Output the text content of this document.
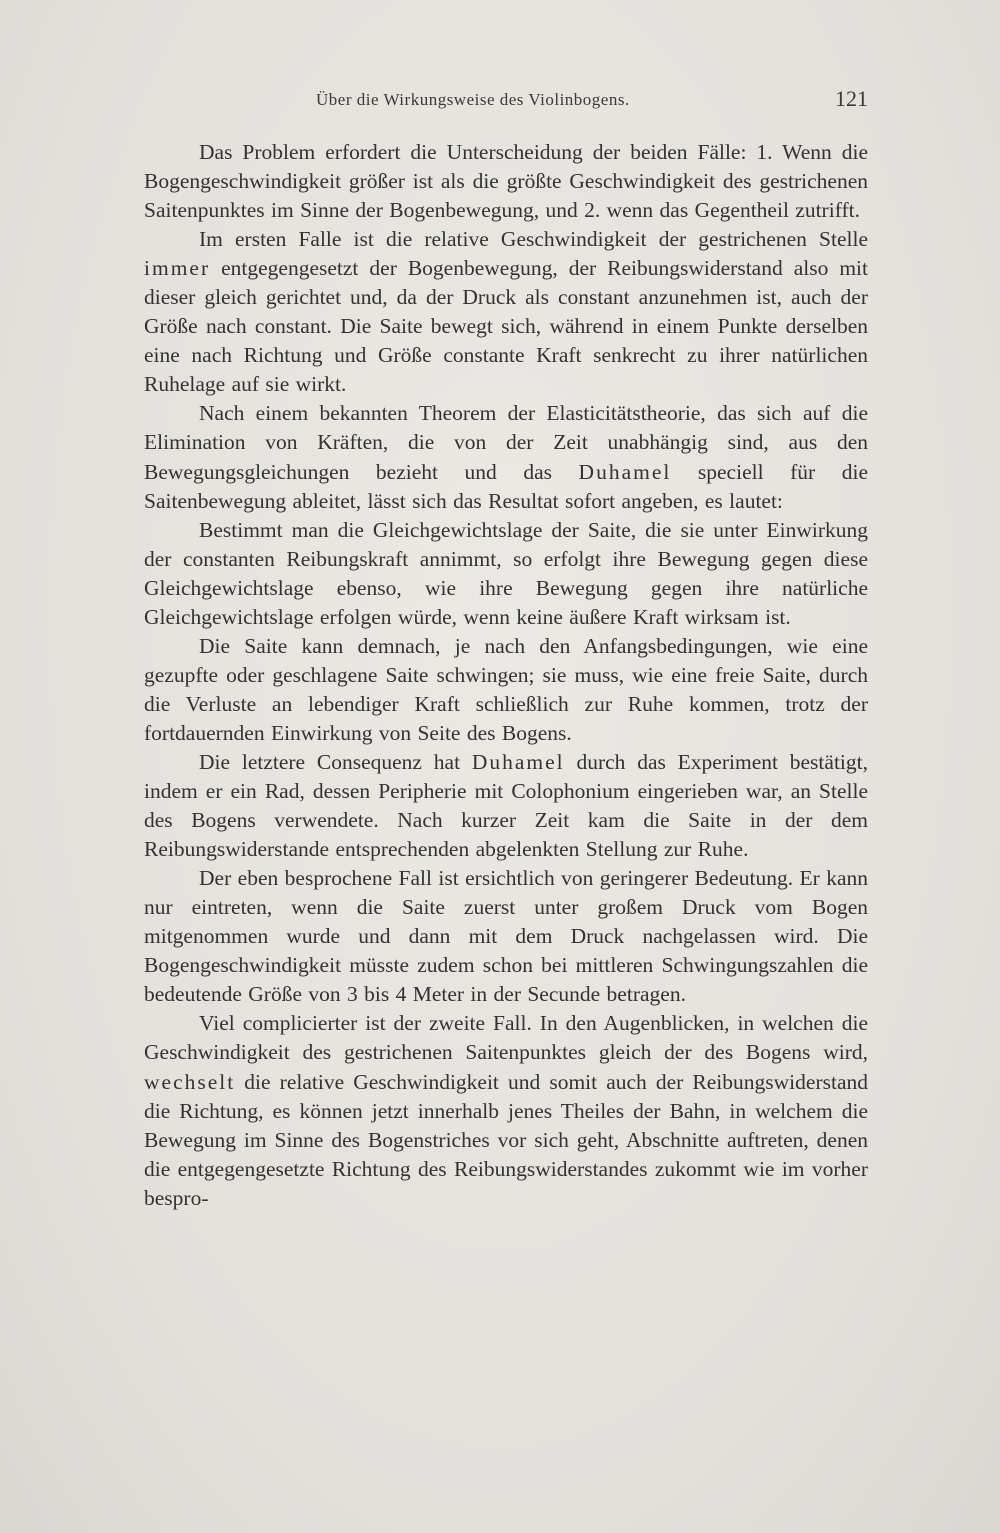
Über die Wirkungsweise des Violinbogens.	121

Das Problem erfordert die Unterscheidung der beiden Fälle: 1. Wenn die Bogengeschwindigkeit größer ist als die größte Geschwindigkeit des gestrichenen Saitenpunktes im Sinne der Bogenbewegung, und 2. wenn das Gegentheil zutrifft.

Im ersten Falle ist die relative Geschwindigkeit der gestrichenen Stelle immer entgegengesetzt der Bogenbewegung, der Reibungswiderstand also mit dieser gleich gerichtet und, da der Druck als constant anzunehmen ist, auch der Größe nach constant. Die Saite bewegt sich, während in einem Punkte derselben eine nach Richtung und Größe constante Kraft senkrecht zu ihrer natürlichen Ruhelage auf sie wirkt.

Nach einem bekannten Theorem der Elasticitätstheorie, das sich auf die Elimination von Kräften, die von der Zeit unabhängig sind, aus den Bewegungsgleichungen bezieht und das Duhamel speciell für die Saitenbewegung ableitet, lässt sich das Resultat sofort angeben, es lautet:

Bestimmt man die Gleichgewichtslage der Saite, die sie unter Einwirkung der constanten Reibungskraft annimmt, so erfolgt ihre Bewegung gegen diese Gleichgewichtslage ebenso, wie ihre Bewegung gegen ihre natürliche Gleichgewichtslage erfolgen würde, wenn keine äußere Kraft wirksam ist.

Die Saite kann demnach, je nach den Anfangsbedingungen, wie eine gezupfte oder geschlagene Saite schwingen; sie muss, wie eine freie Saite, durch die Verluste an lebendiger Kraft schließlich zur Ruhe kommen, trotz der fortdauernden Einwirkung von Seite des Bogens.

Die letztere Consequenz hat Duhamel durch das Experiment bestätigt, indem er ein Rad, dessen Peripherie mit Colophonium eingerieben war, an Stelle des Bogens verwendete. Nach kurzer Zeit kam die Saite in der dem Reibungswiderstande entsprechenden abgelenkten Stellung zur Ruhe.

Der eben besprochene Fall ist ersichtlich von geringerer Bedeutung. Er kann nur eintreten, wenn die Saite zuerst unter großem Druck vom Bogen mitgenommen wurde und dann mit dem Druck nachgelassen wird. Die Bogengeschwindigkeit müsste zudem schon bei mittleren Schwingungszahlen die bedeutende Größe von 3 bis 4 Meter in der Secunde betragen.

Viel complicierter ist der zweite Fall. In den Augenblicken, in welchen die Geschwindigkeit des gestrichenen Saitenpunktes gleich der des Bogens wird, wechselt die relative Geschwindigkeit und somit auch der Reibungswiderstand die Richtung, es können jetzt innerhalb jenes Theiles der Bahn, in welchem die Bewegung im Sinne des Bogenstriches vor sich geht, Abschnitte auftreten, denen die entgegengesetzte Richtung des Reibungswiderstandes zukommt wie im vorher bespro-
